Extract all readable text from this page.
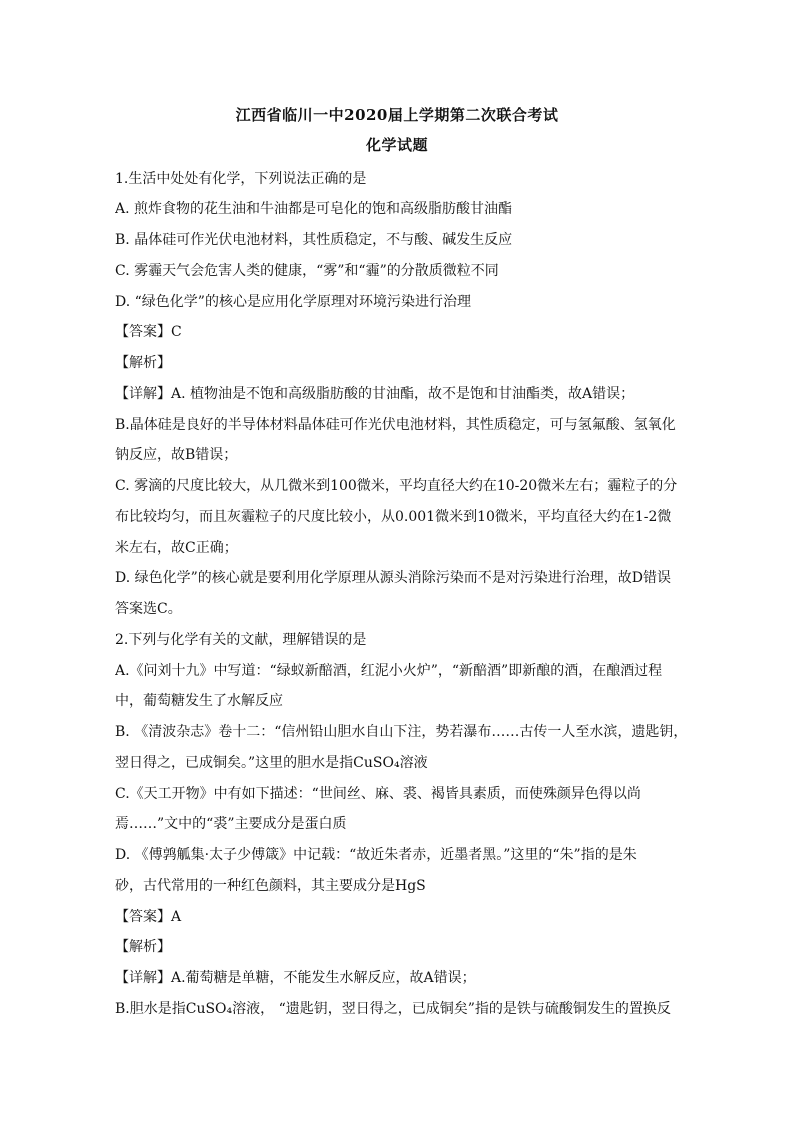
江西省临川一中2020届上学期第二次联合考试
化学试题
1.生活中处处有化学，下列说法正确的是
A. 煎炸食物的花生油和牛油都是可皂化的饱和高级脂肪酸甘油酯
B. 晶体硅可作光伏电池材料，其性质稳定，不与酸、碱发生反应
C. 雾霾天气会危害人类的健康，“雾”和“霾”的分散质微粒不同
D. “绿色化学”的核心是应用化学原理对环境污染进行治理
【答案】C
【解析】
【详解】A. 植物油是不饱和高级脂肪酸的甘油酯，故不是饱和甘油酯类，故A错误；
B.晶体硅是良好的半导体材料晶体硅可作光伏电池材料，其性质稳定，可与氢氟酸、氢氧化
钠反应，故B错误；
C. 雾滴的尺度比较大，从几微米到100微米，平均直径大约在10-20微米左右；霾粒子的分
布比较均匀，而且灰霾粒子的尺度比较小，从0.001微米到10微米，平均直径大约在1-2微
米左右，故C正确；
D. 绿色化学”的核心就是要利用化学原理从源头消除污染而不是对污染进行治理，故D错误
答案选C。
2.下列与化学有关的文献，理解错误的是
A.《问刘十九》中写道：“绿蚁新醅酒，红泥小火炉”，“新醅酒”即新酿的酒，在酿酒过程
中，葡萄糖发生了水解反应
B. 《清波杂志》卷十二：“信州铅山胆水自山下注，势若瀑布……古传一人至水滨，遗匙钥，
翌日得之，已成铜矣。”这里的胆水是指CuSO₄溶液
C.《天工开物》中有如下描述：“世间丝、麻、裘、褐皆具素质，而使殊颜异色得以尚
焉……”文中的“裘”主要成分是蛋白质
D. 《傅鹑觚集·太子少傅箴》中记载：“故近朱者赤，近墨者黑。”这里的“朱”指的是朱
砂，古代常用的一种红色颜料，其主要成分是HgS
【答案】A
【解析】
【详解】A.葡萄糖是单糖，不能发生水解反应，故A错误；
B.胆水是指CuSO₄溶液， “遗匙钥，翌日得之，已成铜矣”指的是铁与硫酸铜发生的置换反
